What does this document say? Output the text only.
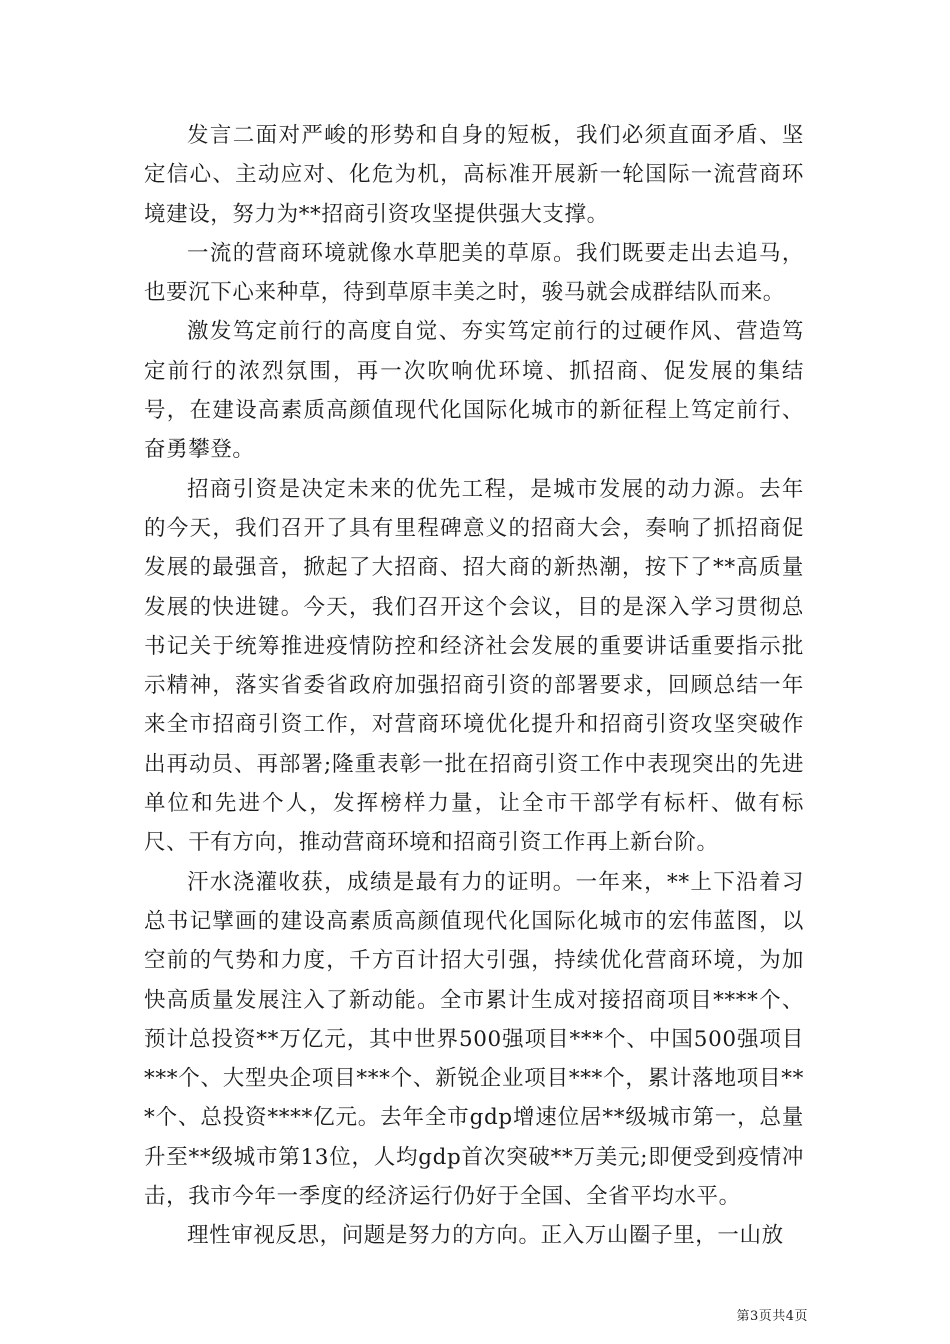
发言二面对严峻的形势和自身的短板，我们必须直面矛盾、坚定信心、主动应对、化危为机，高标准开展新一轮国际一流营商环境建设，努力为**招商引资攻坚提供强大支撑。

一流的营商环境就像水草肥美的草原。我们既要走出去追马，也要沉下心来种草，待到草原丰美之时，骏马就会成群结队而来。

激发笃定前行的高度自觉、夯实笃定前行的过硬作风、营造笃定前行的浓烈氛围，再一次吹响优环境、抓招商、促发展的集结号，在建设高素质高颜值现代化国际化城市的新征程上笃定前行、奋勇攀登。

招商引资是决定未来的优先工程，是城市发展的动力源。去年的今天，我们召开了具有里程碑意义的招商大会，奏响了抓招商促发展的最强音，掀起了大招商、招大商的新热潮，按下了**高质量发展的快进键。今天，我们召开这个会议，目的是深入学习贯彻总书记关于统筹推进疫情防控和经济社会发展的重要讲话重要指示批示精神，落实省委省政府加强招商引资的部署要求，回顾总结一年来全市招商引资工作，对营商环境优化提升和招商引资攻坚突破作出再动员、再部署;隆重表彰一批在招商引资工作中表现突出的先进单位和先进个人，发挥榜样力量，让全市干部学有标杆、做有标尺、干有方向，推动营商环境和招商引资工作再上新台阶。

汗水浇灌收获，成绩是最有力的证明。一年来，**上下沿着习总书记擘画的建设高素质高颜值现代化国际化城市的宏伟蓝图，以空前的气势和力度，千方百计招大引强，持续优化营商环境，为加快高质量发展注入了新动能。全市累计生成对接招商项目****个、预计总投资**万亿元，其中世界500强项目***个、中国500强项目***个、大型央企项目***个、新锐企业项目***个，累计落地项目***个、总投资****亿元。去年全市gdp增速位居**级城市第一，总量升至**级城市第13位，人均gdp首次突破**万美元;即便受到疫情冲击，我市今年一季度的经济运行仍好于全国、全省平均水平。

理性审视反思，问题是努力的方向。正入万山圈子里，一山放

第3页共4页
